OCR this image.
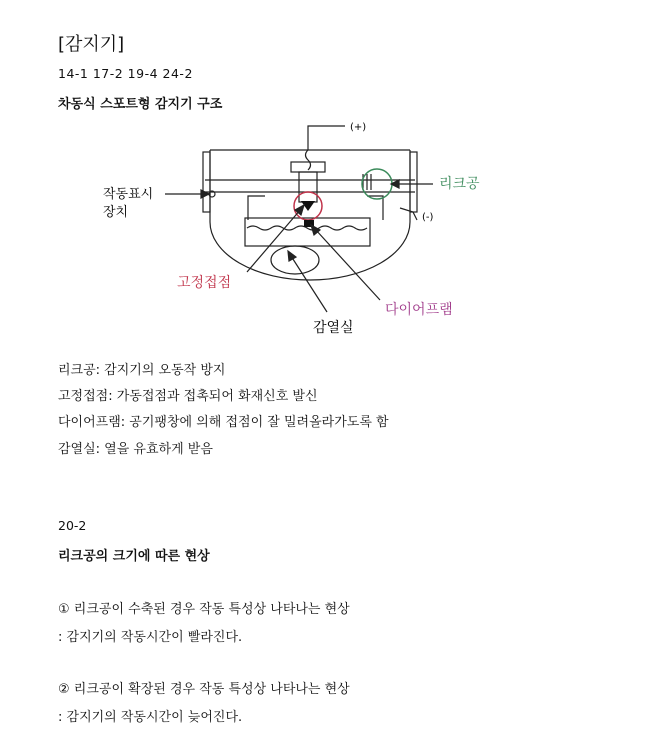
[감지기]
14-1 17-2 19-4 24-2
차동식 스포트형 감지기 구조
(+)
(-)
작동표시
장치
리크공
고정접점
다이어프램
감열실
리크공: 감지기의 오동작 방지
고정접점: 가동접점과 접촉되어 화재신호 발신
다이어프램: 공기팽창에 의해 접점이 잘 밀려올라가도록 함
감열실: 열을 유효하게 받음
20-2
리크공의 크기에 따른 현상
① 리크공이 수축된 경우 작동 특성상 나타나는 현상
: 감지기의 작동시간이 빨라진다.
② 리크공이 확장된 경우 작동 특성상 나타나는 현상
: 감지기의 작동시간이 늦어진다.
